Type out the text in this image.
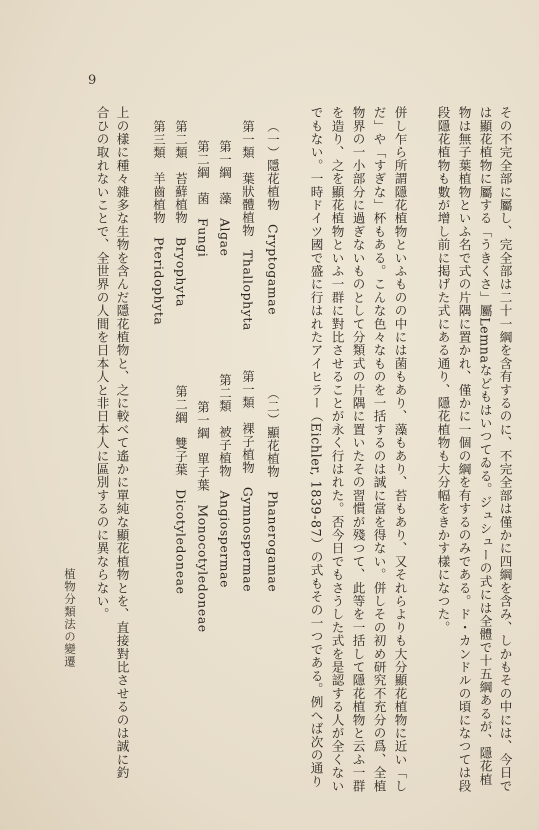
9
その不完全部に屬し、完全部は二十一綱を含有するのに、不完全部は僅かに四綱を含み、しかもその中には、今日で
は顯花植物に屬する「うきくさ」屬Lemnaなどもはいつてゐる。ジュシューの式には全體で十五綱あるが、隱花植
物は無子葉植物といふ名で式の片隅に置かれ、僅かに一個の綱を有するのみである。ド・カンドルの頃になつては段
段隱花植物も數が增し前に掲げた式にある通り、隱花植物も大分幅をきかす樣になつた。
併し乍ら所謂隱花植物といふものの中には菌もあり、藻もあり、苔もあり、又それらよりも大分顯花植物に近い「し
だ」や「すぎな」杯もある。こんな色々なものを一括するのは誠に當を得ない。併しその初め研究不充分の爲、全植
物界の一小部分に過ぎないものとして分類式の片隅に置いたその習慣が殘つて、此等を一括して隱花植物と云ふ一群
を造り、之を顯花植物といふ一群に對比させることが永く行はれた。否今日でもさうした式を是認する人が全くない
でもない。一時ドイツ國で盛に行はれたアイヒラー（Eichler, 1839-87）の式もその一つである。例へば次の通り
（一）隱花植物　Cryptogamae　　　　　　（二）顯花植物　Phanerogamae
第一類　葉狀體植物　Thallophyta　　　第一類　裸子植物　Gymnospermae
第一綱　藻　Algae　　　　　　　　　第二類　被子植物　Angiospermae
第二綱　菌　Fungi　　　　　　　　　　　第一綱　單子葉　Monocotyledoneae
第二類　苔蘚植物　Bryophyta　　　　　　第二綱　雙子葉　Dicotyledoneae
第三類　羊齒植物　Pteridophyta
上の樣に種々雜多な生物を含んだ隱花植物と、之に較べて遙かに單純な顯花植物とを、直接對比させるのは誠に釣
合ひの取れないことで、全世界の人間を日本人と非日本人に區別するのに異ならない。
植物分類法の變遷
